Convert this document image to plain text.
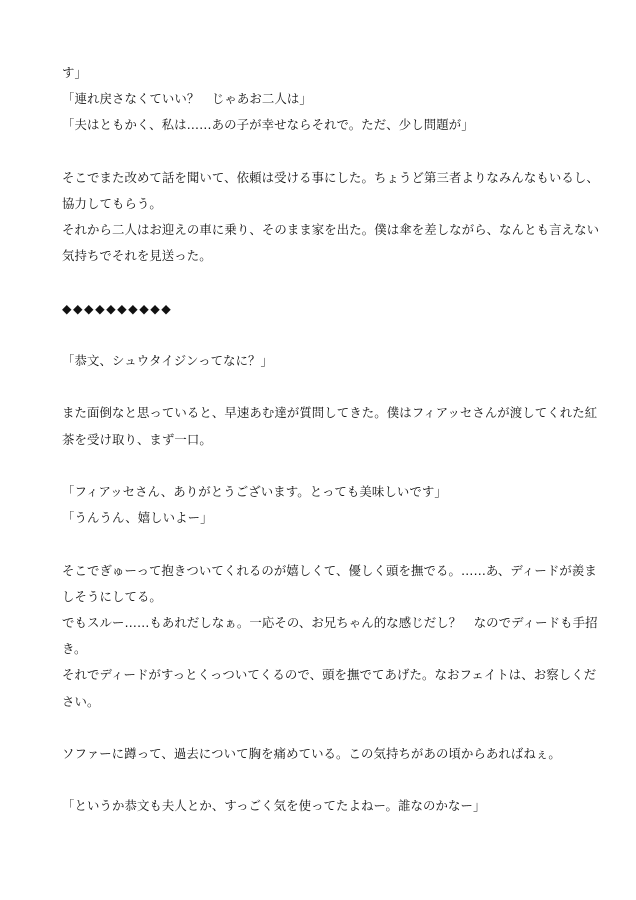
す」
「連れ戻さなくていい？　じゃあお二人は」
「夫はともかく、私は……あの子が幸せならそれで。ただ、少し問題が」
そこでまた改めて話を聞いて、依頼は受ける事にした。ちょうど第三者よりなみんなもいるし、
協力してもらう。
それから二人はお迎えの車に乗り、そのまま家を出た。僕は傘を差しながら、なんとも言えない
気持ちでそれを見送った。
◆◆◆◆◆◆◆◆◆◆
「恭文、シュウタイジンってなに？」
また面倒なと思っていると、早速あむ達が質問してきた。僕はフィアッセさんが渡してくれた紅
茶を受け取り、まず一口。
「フィアッセさん、ありがとうございます。とっても美味しいです」
「うんうん、嬉しいよー」
そこでぎゅーって抱きついてくれるのが嬉しくて、優しく頭を撫でる。……あ、ディードが羨ま
しそうにしてる。
でもスルー……もあれだしなぁ。一応その、お兄ちゃん的な感じだし？　なのでディードも手招
き。
それでディードがすっとくっついてくるので、頭を撫でてあげた。なおフェイトは、お察しくだ
さい。
ソファーに蹲って、過去について胸を痛めている。この気持ちがあの頃からあればねぇ。
「というか恭文も夫人とか、すっごく気を使ってたよねー。誰なのかなー」
